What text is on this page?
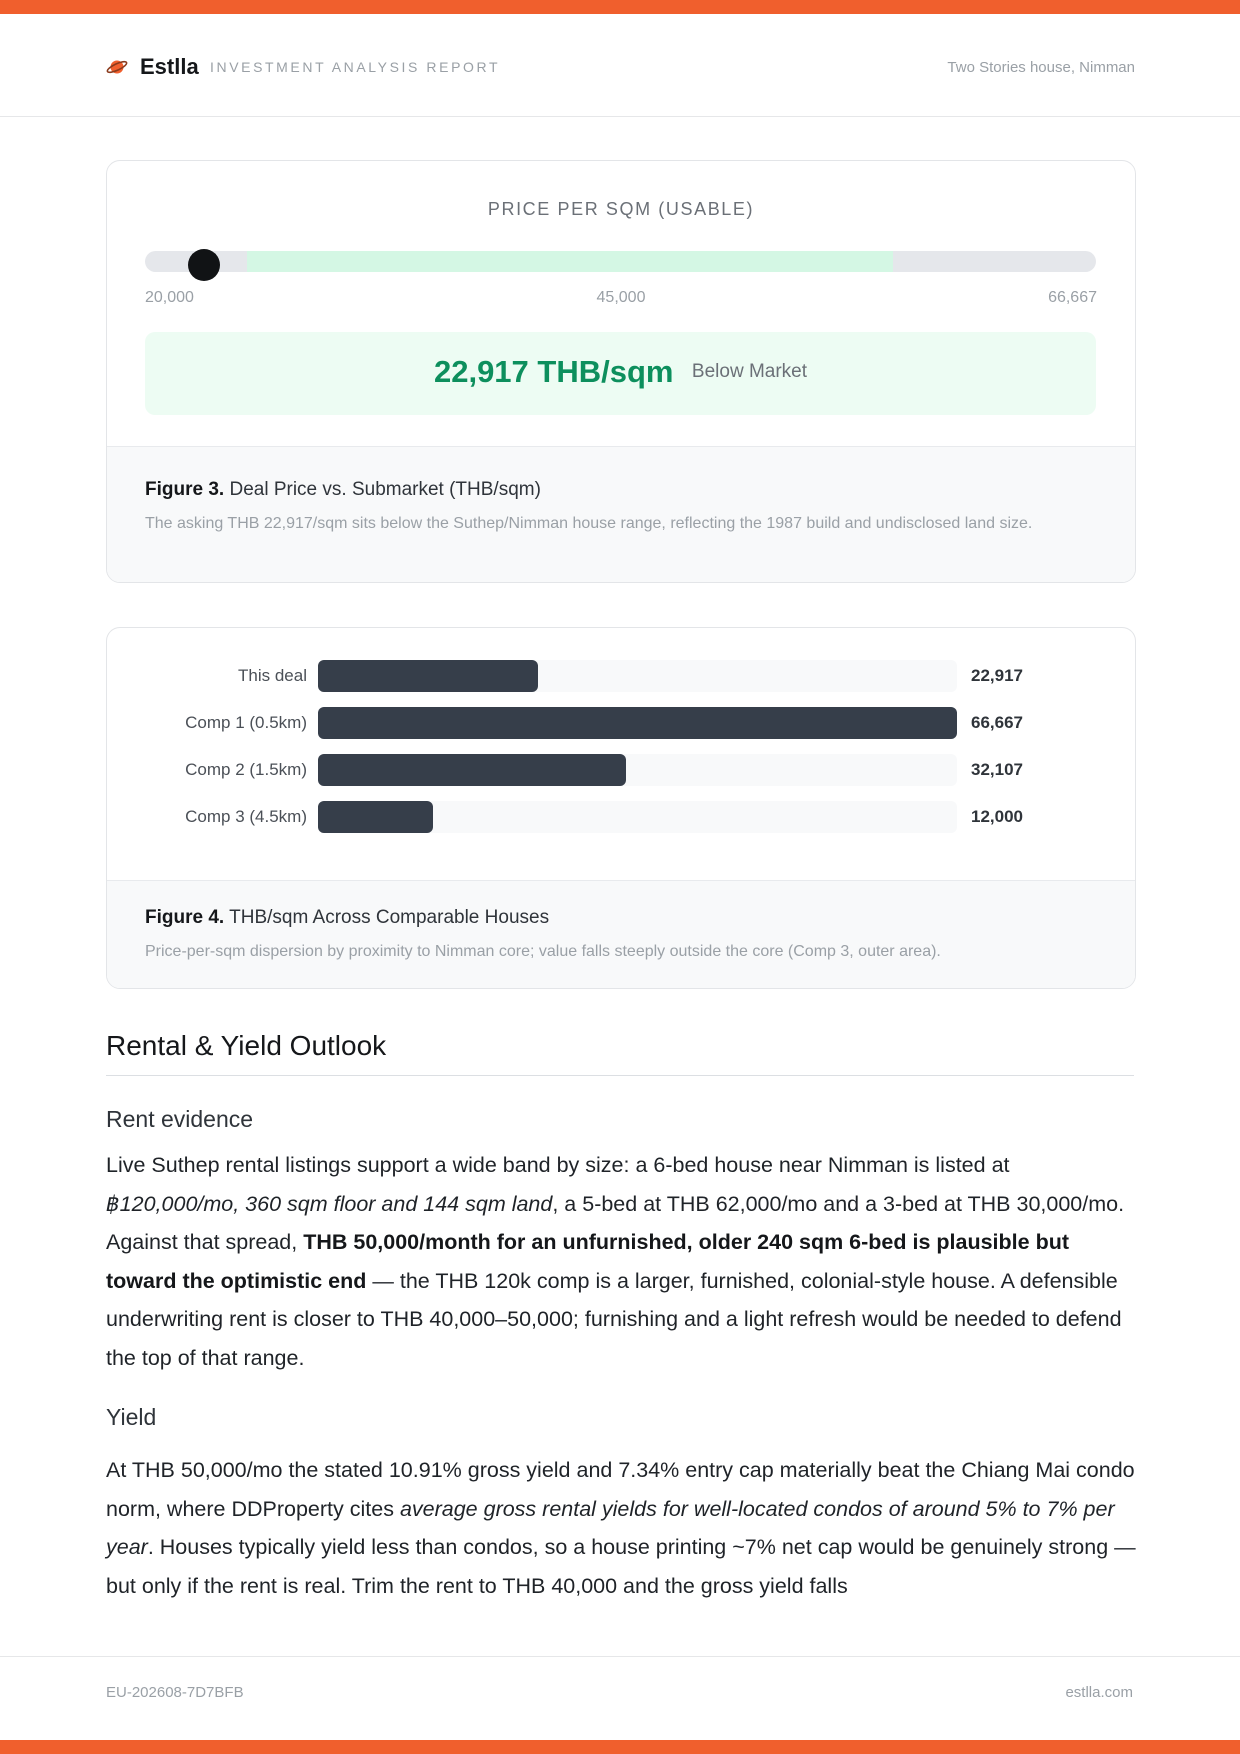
Estlla INVESTMENT ANALYSIS REPORT	Two Stories house, Nimman
PRICE PER SQM (USABLE)
20,000	45,000	66,667
22,917 THB/sqm Below Market
Figure 3. Deal Price vs. Submarket (THB/sqm)
The asking THB 22,917/sqm sits below the Suthep/Nimman house range, reflecting the 1987 build and undisclosed land size.
This deal	22,917
Comp 1 (0.5km)	66,667
Comp 2 (1.5km)	32,107
Comp 3 (4.5km)	12,000
Figure 4. THB/sqm Across Comparable Houses
Price-per-sqm dispersion by proximity to Nimman core; value falls steeply outside the core (Comp 3, outer area).
Rental & Yield Outlook
Rent evidence

Live Suthep rental listings support a wide band by size: a 6-bed house near Nimman is listed at ฿120,000/mo, 360 sqm floor and 144 sqm land, a 5-bed at THB 62,000/mo and a 3-bed at THB 30,000/mo. Against that spread, THB 50,000/month for an unfurnished, older 240 sqm 6-bed is plausible but toward the optimistic end — the THB 120k comp is a larger, furnished, colonial-style house. A defensible underwriting rent is closer to THB 40,000–50,000; furnishing and a light refresh would be needed to defend the top of that range.

Yield

At THB 50,000/mo the stated 10.91% gross yield and 7.34% entry cap materially beat the Chiang Mai condo norm, where DDProperty cites average gross rental yields for well-located condos of around 5% to 7% per year. Houses typically yield less than condos, so a house printing ~7% net cap would be genuinely strong — but only if the rent is real. Trim the rent to THB 40,000 and the gross yield falls

EU-202608-7D7BFB	estlla.com
